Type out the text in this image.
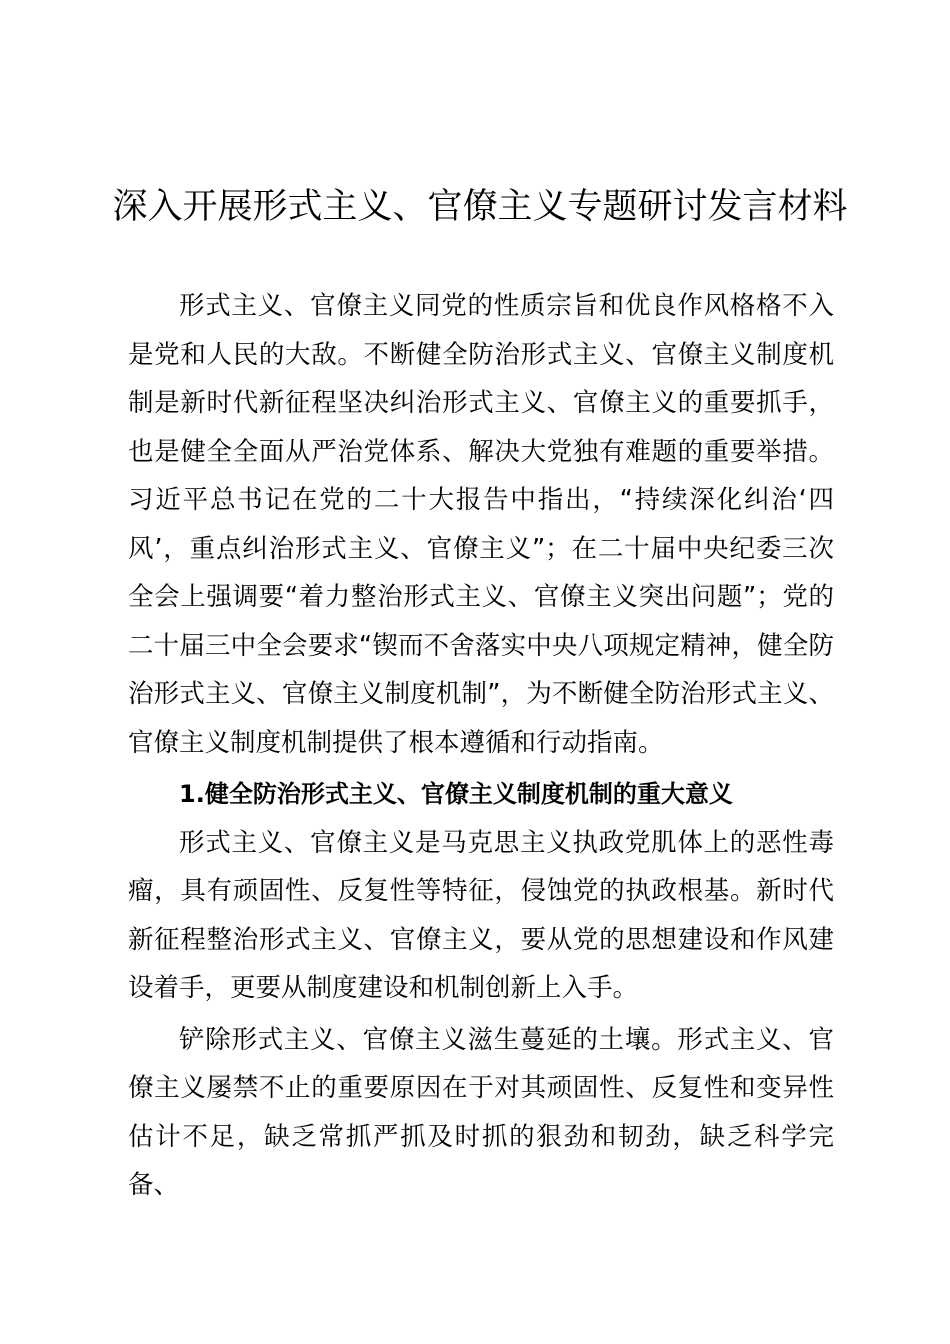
深入开展形式主义、官僚主义专题研讨发言材料

形式主义、官僚主义同党的性质宗旨和优良作风格格不入是党和人民的大敌。不断健全防治形式主义、官僚主义制度机制是新时代新征程坚决纠治形式主义、官僚主义的重要抓手，也是健全全面从严治党体系、解决大党独有难题的重要举措。习近平总书记在党的二十大报告中指出，“持续深化纠治‘四风’，重点纠治形式主义、官僚主义”；在二十届中央纪委三次全会上强调要“着力整治形式主义、官僚主义突出问题”；党的二十届三中全会要求“锲而不舍落实中央八项规定精神，健全防治形式主义、官僚主义制度机制”，为不断健全防治形式主义、官僚主义制度机制提供了根本遵循和行动指南。

1.健全防治形式主义、官僚主义制度机制的重大意义

形式主义、官僚主义是马克思主义执政党肌体上的恶性毒瘤，具有顽固性、反复性等特征，侵蚀党的执政根基。新时代新征程整治形式主义、官僚主义，要从党的思想建设和作风建设着手，更要从制度建设和机制创新上入手。

铲除形式主义、官僚主义滋生蔓延的土壤。形式主义、官僚主义屡禁不止的重要原因在于对其顽固性、反复性和变异性估计不足，缺乏常抓严抓及时抓的狠劲和韧劲，缺乏科学完备、
